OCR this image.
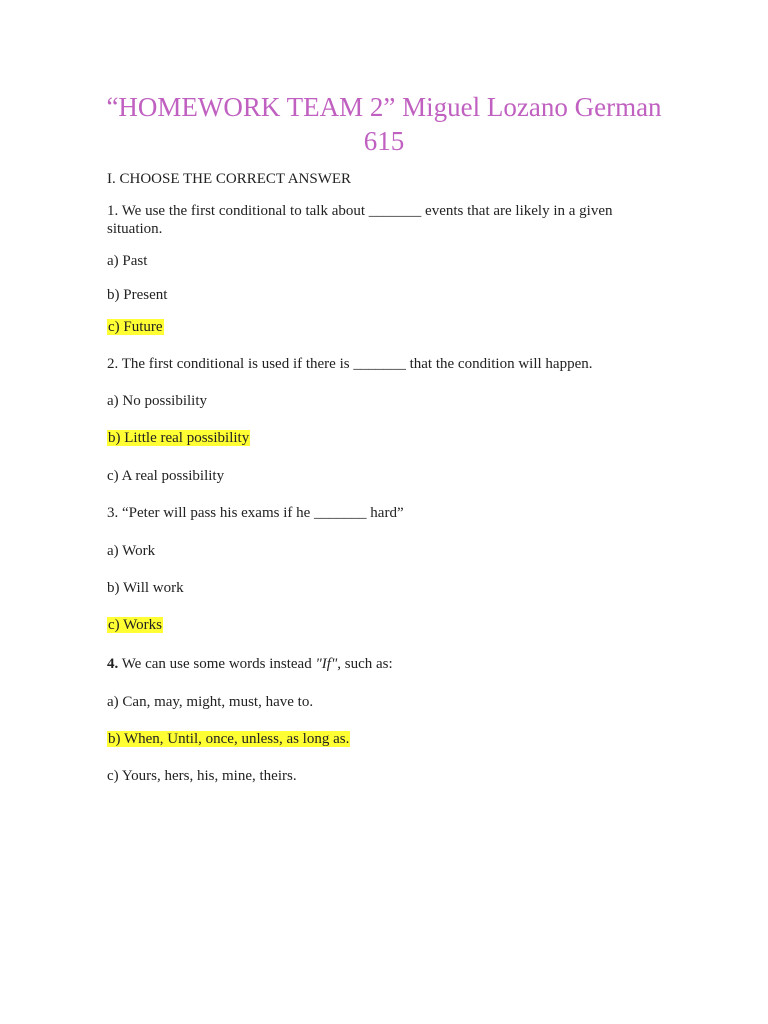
“HOMEWORK TEAM 2” Miguel Lozano German 615
I. CHOOSE THE CORRECT ANSWER
1. We use the first conditional to talk about _______ events that are likely in a given situation.
a) Past
b) Present
c) Future
2. The first conditional is used if there is _______ that the condition will happen.
a) No possibility
b) Little real possibility
c) A real possibility
3. “Peter will pass his exams if he _______ hard”
a) Work
b) Will work
c) Works
4. We can use some words instead "If", such as:
a) Can, may, might, must, have to.
b) When, Until, once, unless, as long as.
c) Yours, hers, his, mine, theirs.
